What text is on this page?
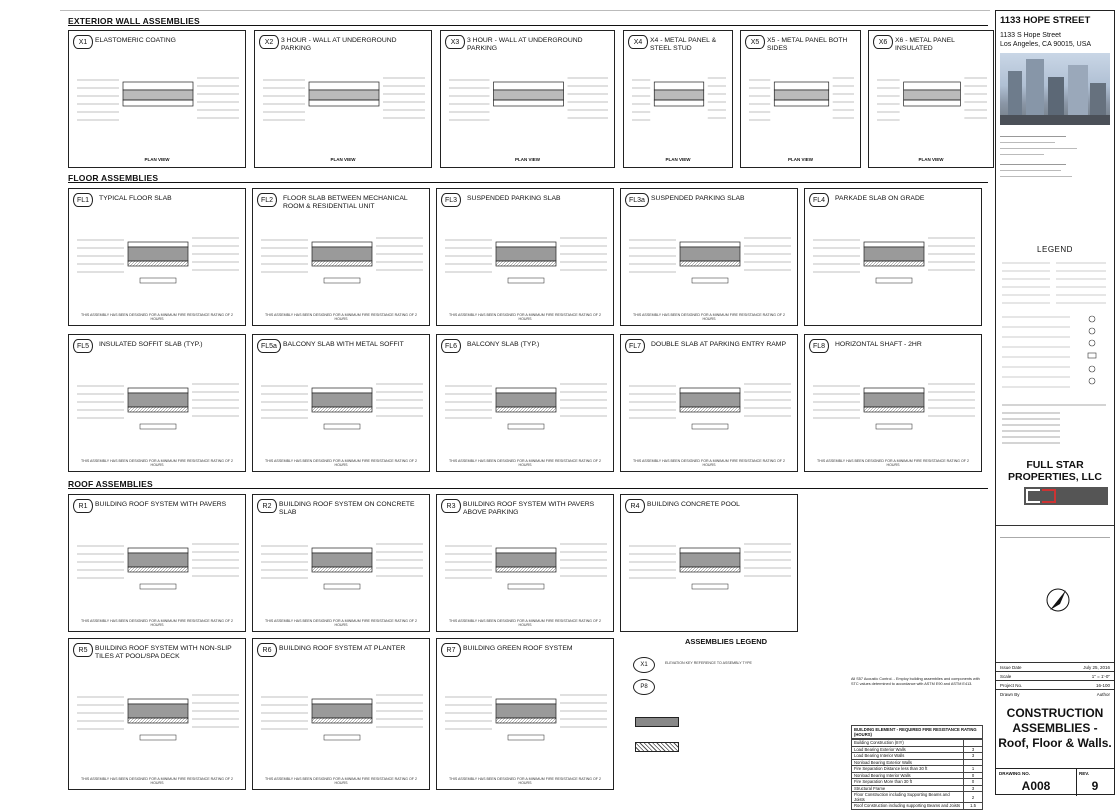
EXTERIOR WALL ASSEMBLIES
FLOOR ASSEMBLIES
ROOF ASSEMBLIES
X1	ELASTOMERIC COATING
PLAN VIEW
X2	3 HOUR - WALL AT UNDERGROUND PARKING
PLAN VIEW
X3	3 HOUR - WALL AT UNDERGROUND PARKING
PLAN VIEW
X4	X4 - METAL PANEL & STEEL STUD
PLAN VIEW
X5	X5 - METAL PANEL BOTH SIDES
PLAN VIEW
X6	X6 - METAL PANEL INSULATED
PLAN VIEW
FL1	TYPICAL FLOOR SLAB
THIS ASSEMBLY HAS BEEN DESIGNED FOR A MINIMUM FIRE RESISTANCE RATING OF 2 HOURS
FL2	FLOOR SLAB BETWEEN MECHANICAL ROOM & RESIDENTIAL UNIT
THIS ASSEMBLY HAS BEEN DESIGNED FOR A MINIMUM FIRE RESISTANCE RATING OF 2 HOURS
FL3	SUSPENDED PARKING SLAB
THIS ASSEMBLY HAS BEEN DESIGNED FOR A MINIMUM FIRE RESISTANCE RATING OF 2 HOURS
FL3a SUSPENDED PARKING SLAB
THIS ASSEMBLY HAS BEEN DESIGNED FOR A MINIMUM FIRE RESISTANCE RATING OF 2 HOURS
FL4	PARKADE SLAB ON GRADE
FL5	INSULATED SOFFIT SLAB (TYP.)
THIS ASSEMBLY HAS BEEN DESIGNED FOR A MINIMUM FIRE RESISTANCE RATING OF 2 HOURS
FL5a BALCONY SLAB WITH METAL SOFFIT
THIS ASSEMBLY HAS BEEN DESIGNED FOR A MINIMUM FIRE RESISTANCE RATING OF 2 HOURS
FL6	BALCONY SLAB (TYP.)
THIS ASSEMBLY HAS BEEN DESIGNED FOR A MINIMUM FIRE RESISTANCE RATING OF 2 HOURS
FL7	DOUBLE SLAB AT PARKING ENTRY RAMP
THIS ASSEMBLY HAS BEEN DESIGNED FOR A MINIMUM FIRE RESISTANCE RATING OF 2 HOURS
FL8	HORIZONTAL SHAFT - 2HR
THIS ASSEMBLY HAS BEEN DESIGNED FOR A MINIMUM FIRE RESISTANCE RATING OF 2 HOURS
R1	BUILDING ROOF SYSTEM WITH PAVERS
THIS ASSEMBLY HAS BEEN DESIGNED FOR A MINIMUM FIRE RESISTANCE RATING OF 2 HOURS
R2	BUILDING ROOF SYSTEM ON CONCRETE SLAB
THIS ASSEMBLY HAS BEEN DESIGNED FOR A MINIMUM FIRE RESISTANCE RATING OF 2 HOURS
R3	BUILDING ROOF SYSTEM WITH PAVERS ABOVE PARKING
THIS ASSEMBLY HAS BEEN DESIGNED FOR A MINIMUM FIRE RESISTANCE RATING OF 2 HOURS
R4	BUILDING CONCRETE POOL
R5	BUILDING ROOF SYSTEM WITH NON-SLIP TILES AT POOL/SPA DECK
THIS ASSEMBLY HAS BEEN DESIGNED FOR A MINIMUM FIRE RESISTANCE RATING OF 2 HOURS
R6	BUILDING ROOF SYSTEM AT PLANTER
THIS ASSEMBLY HAS BEEN DESIGNED FOR A MINIMUM FIRE RESISTANCE RATING OF 2 HOURS
R7	BUILDING GREEN ROOF SYSTEM
THIS ASSEMBLY HAS BEEN DESIGNED FOR A MINIMUM FIRE RESISTANCE RATING OF 2 HOURS
ASSEMBLIES LEGEND
X1
P8
ELEVATION KEY REFERENCE TO ASSEMBLY TYPE
All S57 Acoustic Control. - Employ building assemblies and components with STC values determined to accordance with ASTM E90 and ASTM E413.
BUILDING ELEMENT - REQUIRED FIRE RESISTANCE RATING (HOURS)
Building Construction (IIIY)	
Load Bearing Exterior Walls	3
Load Bearing Interior Walls	3
Nonload Bearing Exterior Walls	
Fire Separation Distance less than 30 ft	1
Nonload Bearing Interior Walls	0
Fire Separation More than 30 ft	0
Structural Frame	3
Floor Construction including Supporting Beams and Joists	2
Roof Construction including supporting Beams and Joists	1.5
1133 HOPE STREET
1133 S Hope Street
Los Angeles, CA 90015, USA
LEGEND
FULL STAR PROPERTIES, LLC
Issue Date	July 25, 2016
Scale	1" = 1'-0"
Project No.	16-100
Drawn By	Author
CONSTRUCTION ASSEMBLIES - Roof, Floor & Walls.
DRAWING NO.
A008
REV.
9
